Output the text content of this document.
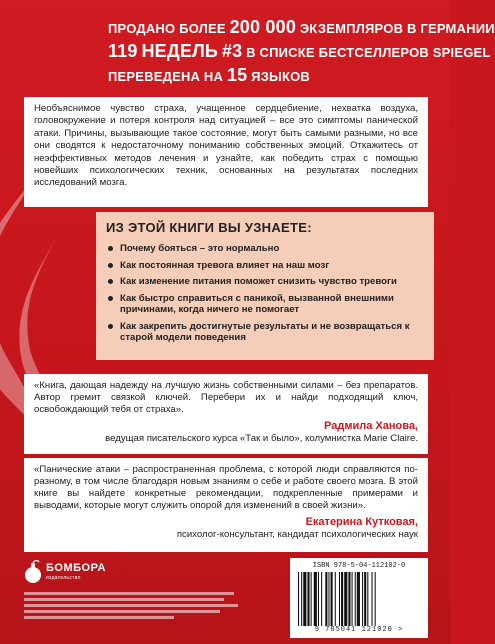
ПРОДАНО БОЛЕЕ 200 000 ЭКЗЕМПЛЯРОВ В ГЕРМАНИИ
119 НЕДЕЛЬ #3 В СПИСКЕ БЕСТСЕЛЛЕРОВ SPIEGEL
ПЕРЕВЕДЕНА НА 15 ЯЗЫКОВ
Необъяснимое чувство страха, учащенное сердцебиение, нехватка воздуха, головокружение и потеря контроля над ситуацией – все это симптомы панической атаки. Причины, вызывающие такое состояние, могут быть самыми разными, но все они сводятся к недостаточному пониманию собственных эмоций. Откажитесь от неэффективных методов лечения и узнайте, как победить страх с помощью новейших психологических техник, основанных на результатах последних исследований мозга.
ИЗ ЭТОЙ КНИГИ ВЫ УЗНАЕТЕ:
Почему бояться – это нормально
Как постоянная тревога влияет на наш мозг
Как изменение питания поможет снизить чувство тревоги
Как быстро справиться с паникой, вызванной внешними причинами, когда ничего не помогает
Как закрепить достигнутые результаты и не возвращаться к старой модели поведения
«Книга, дающая надежду на лучшую жизнь собственными силами – без препаратов. Автор гремит связкой ключей. Перебери их и найди подходящий ключ, освобождающий тебя от страха».
Радмила Ханова,
ведущая писательского курса «Так и было», колумнистка Marie Claire.
«Панические атаки – распространенная проблема, с которой люди справляются по-разному, в том числе благодаря новым знаниям о себе и работе своего мозга. В этой книге вы найдете конкретные рекомендации, подкрепленные примерами и выводами, которые могут служить опорой для изменений в своей жизни».
Екатерина Кутковая,
психолог-консультант, кандидат психологических наук
БОМБОРА
издательство
ISBN 978-5-04-112102-0
9 785041 121020 >
